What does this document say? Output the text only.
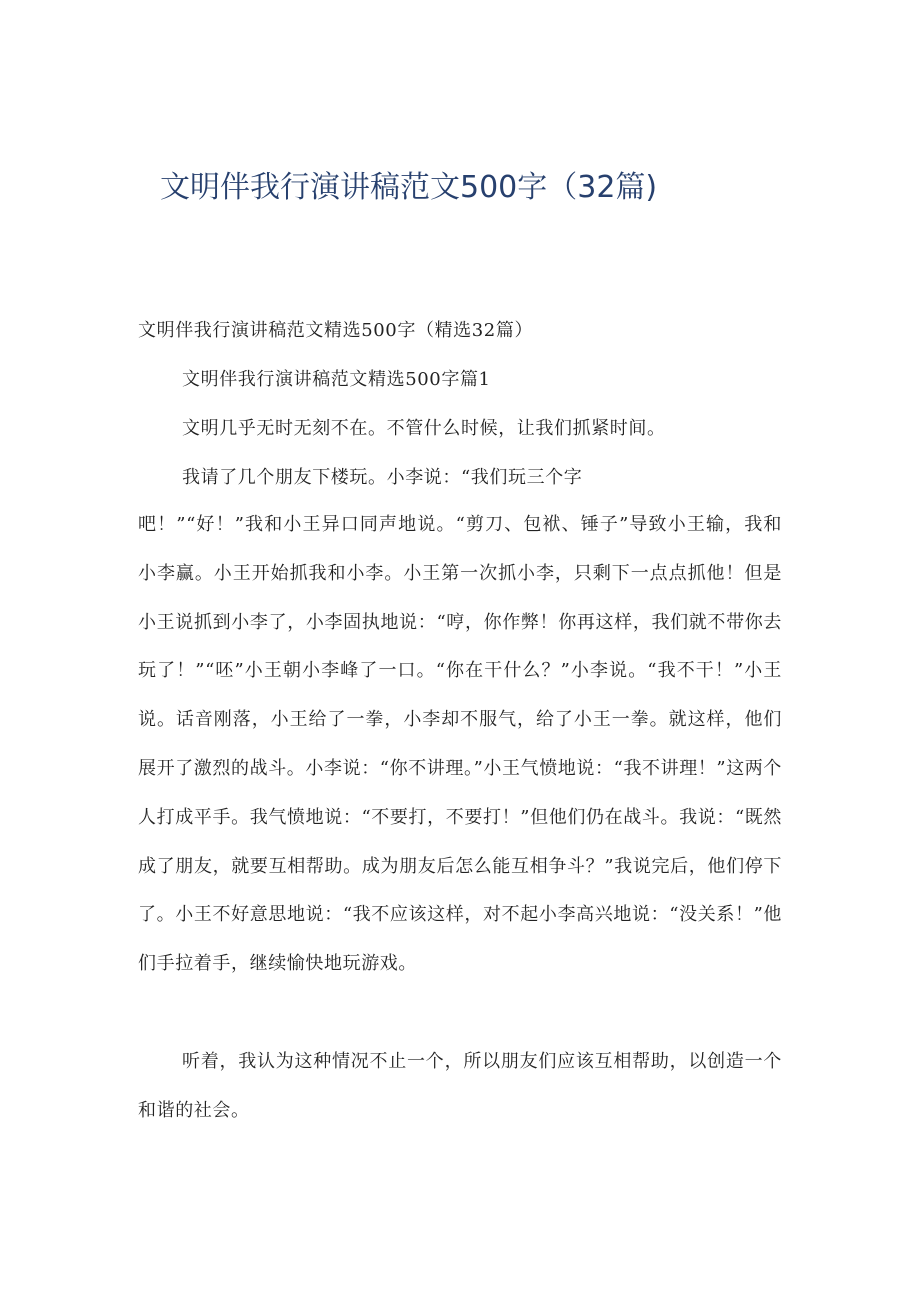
文明伴我行演讲稿范文500字（32篇)
文明伴我行演讲稿范文精选500字（精选32篇）
文明伴我行演讲稿范文精选500字篇1
文明几乎无时无刻不在。不管什么时候，让我们抓紧时间。
我请了几个朋友下楼玩。小李说：“我们玩三个字

吧！”“好！”我和小王异口同声地说。“剪刀、包袱、锤子”导致小王输，我和小李赢。小王开始抓我和小李。小王第一次抓小李，只剩下一点点抓他！但是小王说抓到小李了，小李固执地说：“哼，你作弊！你再这样，我们就不带你去玩了！”“呸”小王朝小李峰了一口。“你在干什么？”小李说。“我不干！”小王说。话音刚落，小王给了一拳，小李却不服气，给了小王一拳。就这样，他们展开了激烈的战斗。小李说：“你不讲理。”小王气愤地说：“我不讲理！”这两个人打成平手。我气愤地说：“不要打，不要打！”但他们仍在战斗。我说：“既然成了朋友，就要互相帮助。成为朋友后怎么能互相争斗？”我说完后，他们停下了。小王不好意思地说：“我不应该这样，对不起小李高兴地说：“没关系！”他们手拉着手，继续愉快地玩游戏。

听着，我认为这种情况不止一个，所以朋友们应该互相帮助，以创造一个和谐的社会。
